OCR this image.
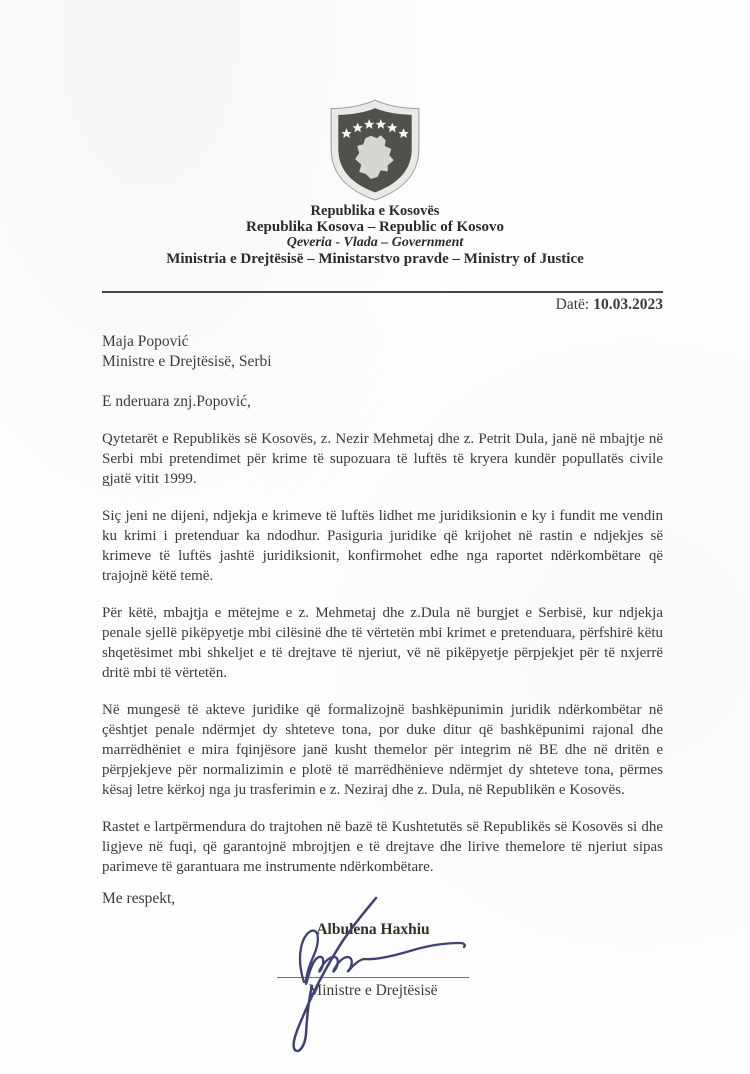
Republika e Kosovës

Republika Kosova – Republic of Kosovo

Qeveria - Vlada – Government

Ministria e Drejtësisë – Ministarstvo pravde – Ministry of Justice

Datë: 10.03.2023
Maja Popović
Ministre e Drejtësisë, Serbi
E nderuara znj.Popović,

Qytetarët e Republikës së Kosovës, z. Nezir Mehmetaj dhe z. Petrit Dula, janë në mbajtje në Serbi mbi pretendimet për krime të supozuara të luftës të kryera kundër popullatës civile gjatë vitit 1999.

Siç jeni ne dijeni, ndjekja e krimeve të luftës lidhet me juridiksionin e ky i fundit me vendin ku krimi i pretenduar ka ndodhur. Pasiguria juridike që krijohet në rastin e ndjekjes së krimeve të luftës jashtë juridiksionit, konfirmohet edhe nga raportet ndërkombëtare që trajojnë këtë temë.

Për këtë, mbajtja e mëtejme e z. Mehmetaj dhe z.Dula në burgjet e Serbisë, kur ndjekja penale sjellë pikëpyetje mbi cilësinë dhe të vërtetën mbi krimet e pretenduara, përfshirë këtu shqetësimet mbi shkeljet e të drejtave të njeriut, vë në pikëpyetje përpjekjet për të nxjerrë dritë mbi të vërtetën.

Në mungesë të akteve juridike që formalizojnë bashkëpunimin juridik ndërkombëtar në çështjet penale ndërmjet dy shteteve tona, por duke ditur që bashkëpunimi rajonal dhe marrëdhëniet e mira fqinjësore janë kusht themelor për integrim në BE dhe në dritën e përpjekjeve për normalizimin e plotë të marrëdhënieve ndërmjet dy shteteve tona, përmes kësaj letre kërkoj nga ju trasferimin e z. Neziraj dhe z. Dula, në Republikën e Kosovës.

Rastet e lartpërmendura do trajtohen në bazë të Kushtetutës së Republikës së Kosovës si dhe ligjeve në fuqi, që garantojnë mbrojtjen e të drejtave dhe lirive themelore të njeriut sipas parimeve të garantuara me instrumente ndërkombëtare.

Me respekt,
Albulena Haxhiu
Ministre e Drejtësisë
